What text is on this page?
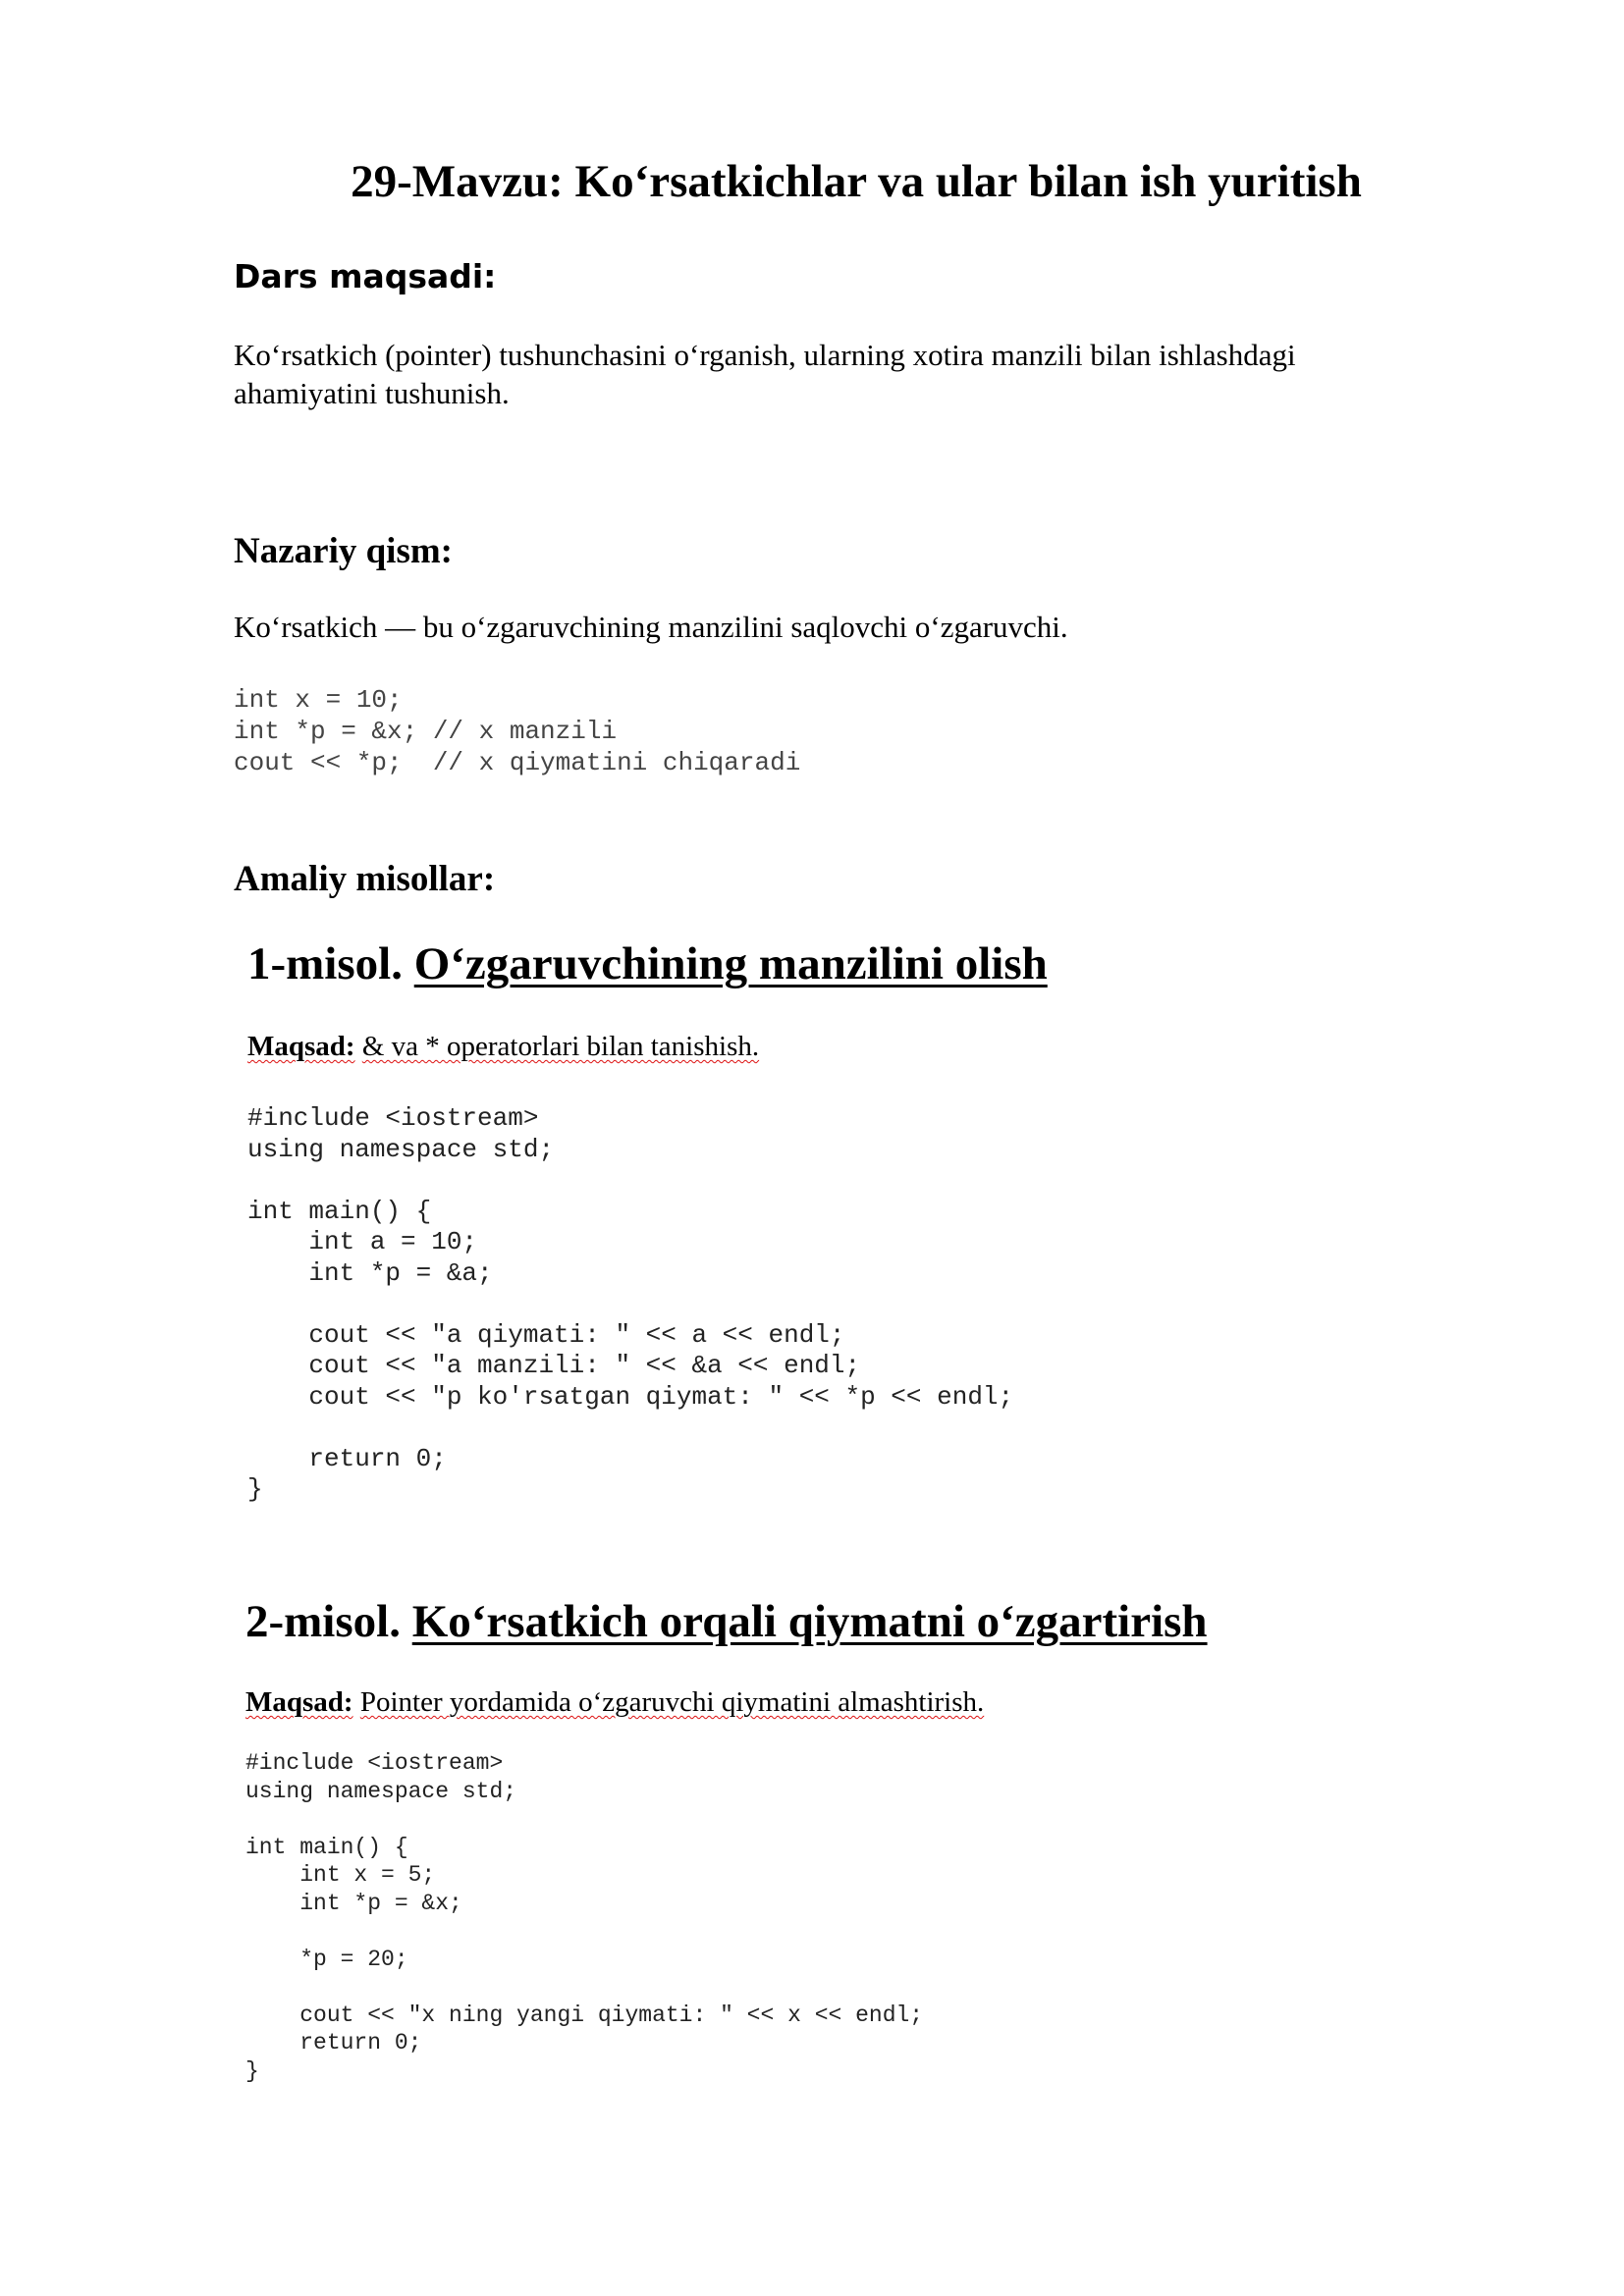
29-Mavzu: Ko‘rsatkichlar va ular bilan ish yuritish
Dars maqsadi:
Ko‘rsatkich (pointer) tushunchasini o‘rganish, ularning xotira manzili bilan ishlashdagi ahamiyatini tushunish.
Nazariy qism:
Ko‘rsatkich — bu o‘zgaruvchining manzilini saqlovchi o‘zgaruvchi.
int x = 10;
int *p = &x; // x manzili
cout << *p;  // x qiymatini chiqaradi
Amaliy misollar:
1-misol. O‘zgaruvchining manzilini olish
Maqsad: & va * operatorlari bilan tanishish.
#include <iostream>
using namespace std;

int main() {
int a = 10;
int *p = &a;

cout << "a qiymati: " << a << endl;
cout << "a manzili: " << &a << endl;
cout << "p ko'rsatgan qiymat: " << *p << endl;

return 0;
}
2-misol. Ko‘rsatkich orqali qiymatni o‘zgartirish
Maqsad: Pointer yordamida o‘zgaruvchi qiymatini almashtirish.
#include <iostream>
using namespace std;

int main() {
int x = 5;
int *p = &x;

*p = 20;

cout << "x ning yangi qiymati: " << x << endl;
return 0;
}
